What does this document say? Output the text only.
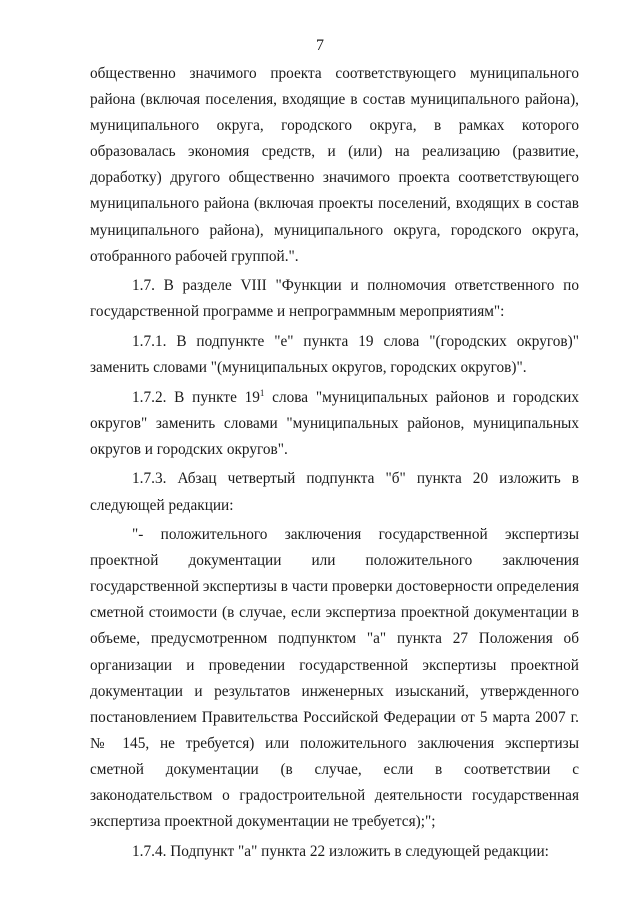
7

общественно значимого проекта соответствующего муниципального района (включая поселения, входящие в состав муниципального района), муниципального округа, городского округа, в рамках которого образовалась экономия средств, и (или) на реализацию (развитие, доработку) другого общественно значимого проекта соответствующего муниципального района (включая проекты поселений, входящих в состав муниципального района), муниципального округа, городского округа, отобранного рабочей группой.".

1.7. В разделе VIII "Функции и полномочия ответственного по государственной программе и непрограммным мероприятиям":

1.7.1. В подпункте "е" пункта 19 слова "(городских округов)" заменить словами "(муниципальных округов, городских округов)".

1.7.2. В пункте $19^1$ слова "муниципальных районов и городских округов" заменить словами "муниципальных районов, муниципальных округов и городских округов".

1.7.3. Абзац четвертый подпункта "б" пункта 20 изложить в следующей редакции:

"- положительного заключения государственной экспертизы проектной документации или положительного заключения государственной экспертизы в части проверки достоверности определения сметной стоимости (в случае, если экспертиза проектной документации в объеме, предусмотренном подпунктом "а" пункта 27 Положения об организации и проведении государственной экспертизы проектной документации и результатов инженерных изысканий, утвержденного постановлением Правительства Российской Федерации от 5 марта 2007 г. № 145, не требуется) или положительного заключения экспертизы сметной документации (в случае, если в соответствии с законодательством о градостроительной деятельности государственная экспертиза проектной документации не требуется);";

1.7.4. Подпункт "а" пункта 22 изложить в следующей редакции:
